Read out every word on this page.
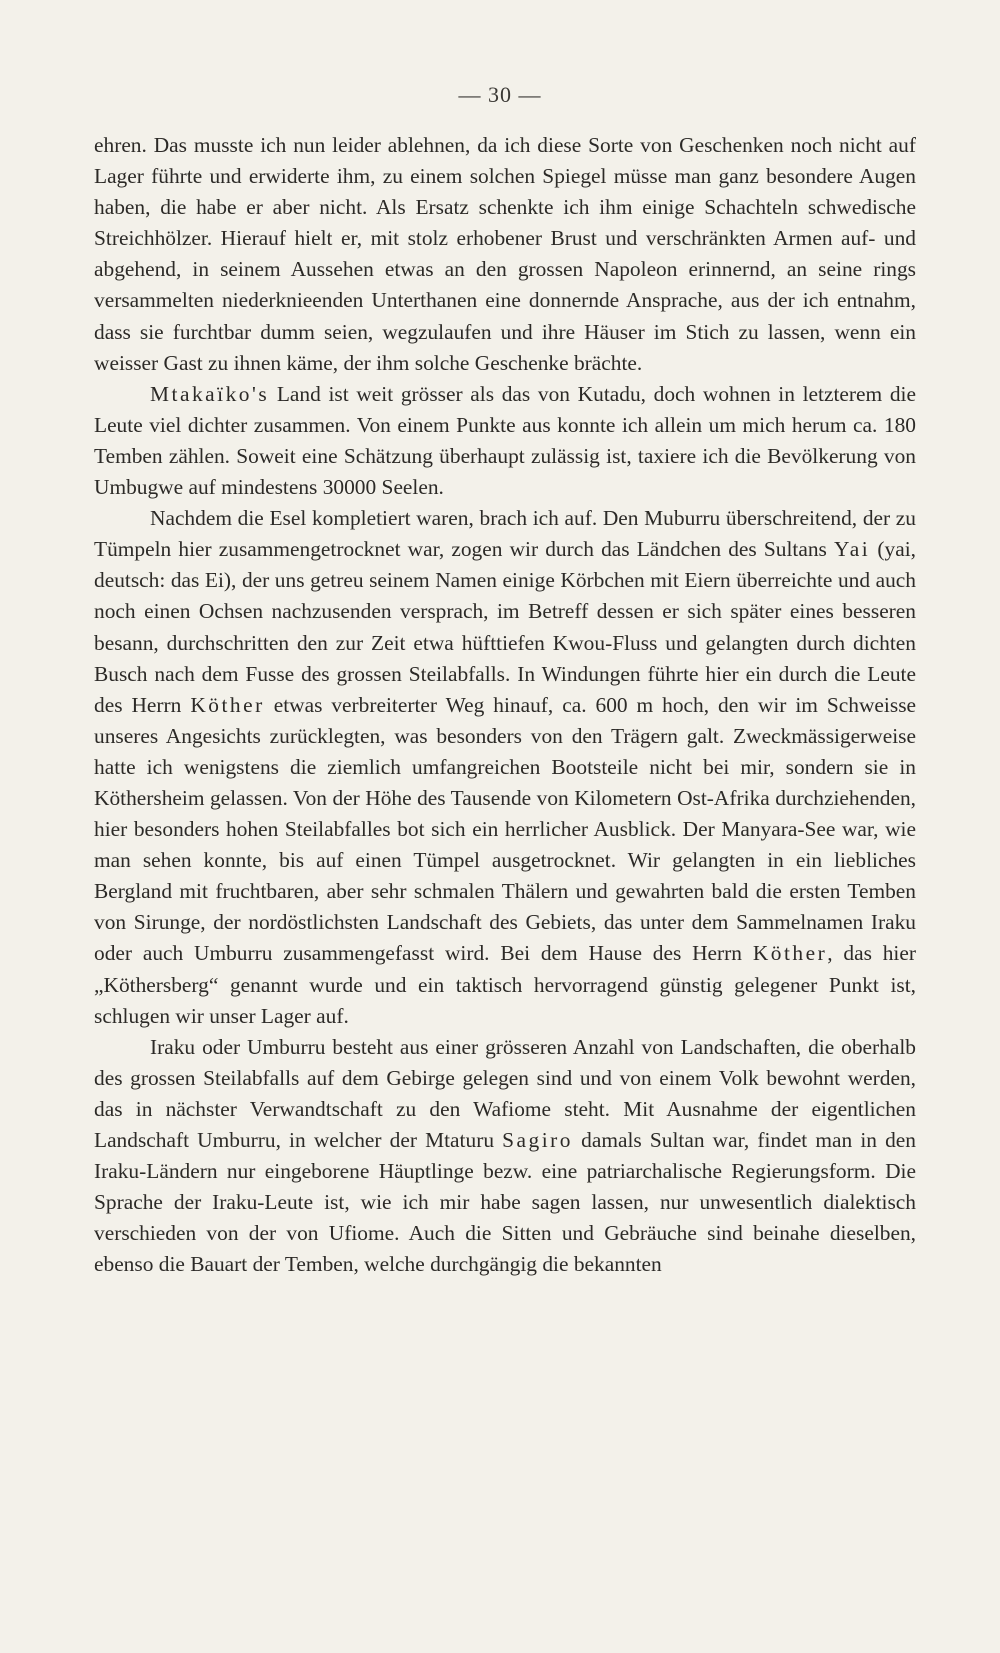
— 30 —

ehren. Das musste ich nun leider ablehnen, da ich diese Sorte von Geschenken noch nicht auf Lager führte und erwiderte ihm, zu einem solchen Spiegel müsse man ganz besondere Augen haben, die habe er aber nicht. Als Ersatz schenkte ich ihm einige Schachteln schwedische Streichhölzer. Hierauf hielt er, mit stolz erhobener Brust und verschränkten Armen auf- und abgehend, in seinem Aussehen etwas an den grossen Napoleon erinnernd, an seine rings versammelten niederknieenden Unterthanen eine donnernde Ansprache, aus der ich entnahm, dass sie furchtbar dumm seien, wegzulaufen und ihre Häuser im Stich zu lassen, wenn ein weisser Gast zu ihnen käme, der ihm solche Geschenke brächte.

Mtakaïko's Land ist weit grösser als das von Kutadu, doch wohnen in letzterem die Leute viel dichter zusammen. Von einem Punkte aus konnte ich allein um mich herum ca. 180 Temben zählen. Soweit eine Schätzung überhaupt zulässig ist, taxiere ich die Bevölkerung von Umbugwe auf mindestens 30000 Seelen.

Nachdem die Esel kompletiert waren, brach ich auf. Den Muburru überschreitend, der zu Tümpeln hier zusammengetrocknet war, zogen wir durch das Ländchen des Sultans Yai (yai, deutsch: das Ei), der uns getreu seinem Namen einige Körbchen mit Eiern überreichte und auch noch einen Ochsen nachzusenden versprach, im Betreff dessen er sich später eines besseren besann, durchschritten den zur Zeit etwa hüfttiefen Kwou-Fluss und gelangten durch dichten Busch nach dem Fusse des grossen Steilabfalls. In Windungen führte hier ein durch die Leute des Herrn Köther etwas verbreiterter Weg hinauf, ca. 600 m hoch, den wir im Schweisse unseres Angesichts zurücklegten, was besonders von den Trägern galt. Zweckmässigerweise hatte ich wenigstens die ziemlich umfangreichen Bootsteile nicht bei mir, sondern sie in Köthersheim gelassen. Von der Höhe des Tausende von Kilometern Ost-Afrika durchziehenden, hier besonders hohen Steilabfalles bot sich ein herrlicher Ausblick. Der Manyara-See war, wie man sehen konnte, bis auf einen Tümpel ausgetrocknet. Wir gelangten in ein liebliches Bergland mit fruchtbaren, aber sehr schmalen Thälern und gewahrten bald die ersten Temben von Sirunge, der nordöstlichsten Landschaft des Gebiets, das unter dem Sammelnamen Iraku oder auch Umburru zusammengefasst wird. Bei dem Hause des Herrn Köther, das hier „Köthersberg“ genannt wurde und ein taktisch hervorragend günstig gelegener Punkt ist, schlugen wir unser Lager auf.

Iraku oder Umburru besteht aus einer grösseren Anzahl von Landschaften, die oberhalb des grossen Steilabfalls auf dem Gebirge gelegen sind und von einem Volk bewohnt werden, das in nächster Verwandtschaft zu den Wafiome steht. Mit Ausnahme der eigentlichen Landschaft Umburru, in welcher der Mtaturu Sagiro damals Sultan war, findet man in den Iraku-Ländern nur eingeborene Häuptlinge bezw. eine patriarchalische Regierungsform. Die Sprache der Iraku-Leute ist, wie ich mir habe sagen lassen, nur unwesentlich dialektisch verschieden von der von Ufiome. Auch die Sitten und Gebräuche sind beinahe dieselben, ebenso die Bauart der Temben, welche durchgängig die bekannten
